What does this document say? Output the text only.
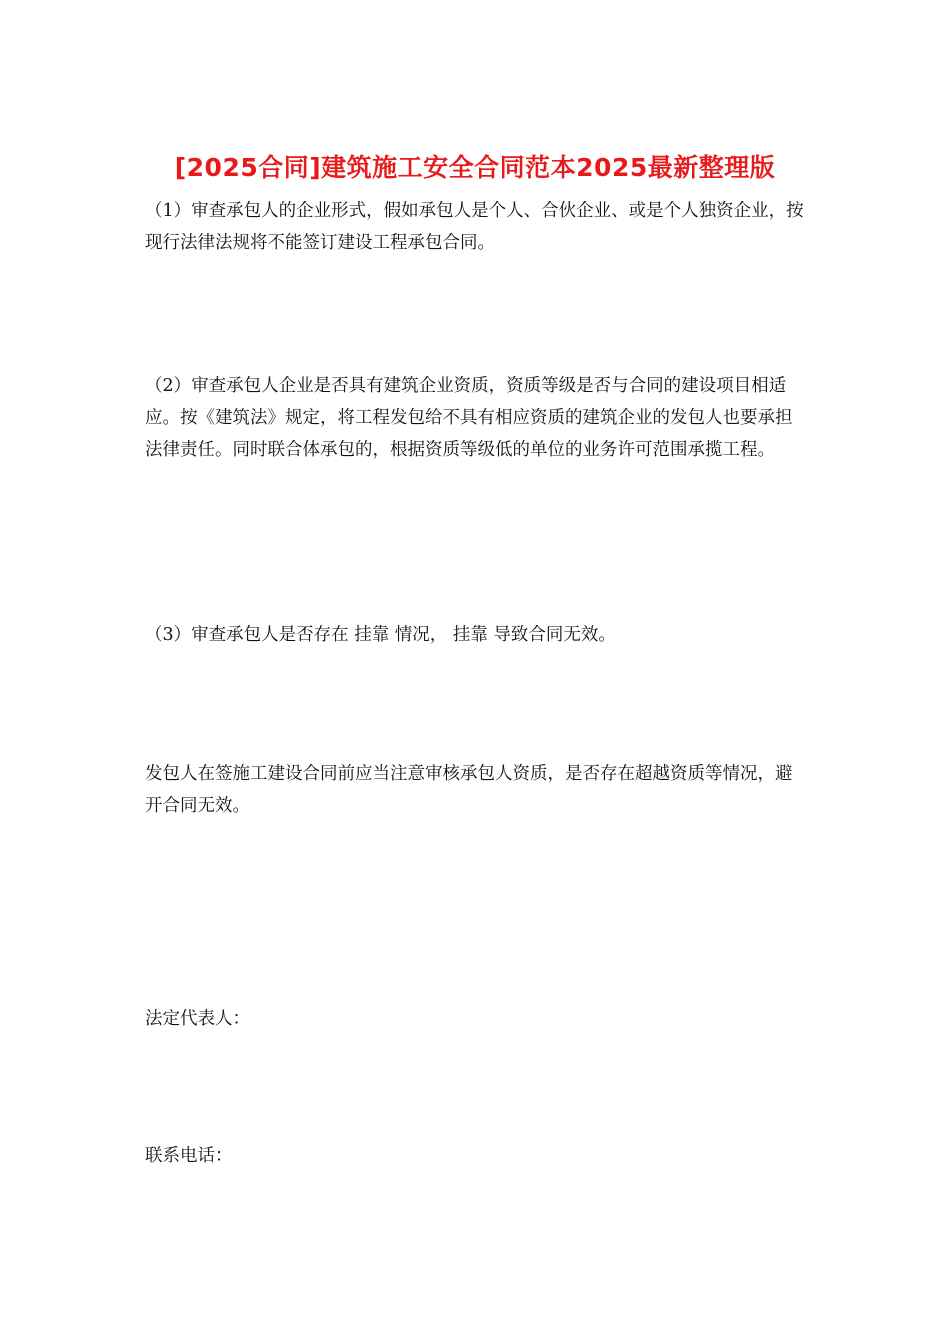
[2025合同]建筑施工安全合同范本2025最新整理版

（1）审查承包人的企业形式，假如承包人是个人、合伙企业、或是个人独资企业，按现行法律法规将不能签订建设工程承包合同。

（2）审查承包人企业是否具有建筑企业资质，资质等级是否与合同的建设项目相适应。按《建筑法》规定，将工程发包给不具有相应资质的建筑企业的发包人也要承担法律责任。同时联合体承包的，根据资质等级低的单位的业务许可范围承揽工程。

（3）审查承包人是否存在 挂靠 情况， 挂靠 导致合同无效。

发包人在签施工建设合同前应当注意审核承包人资质，是否存在超越资质等情况，避开合同无效。

法定代表人：

联系电话：
